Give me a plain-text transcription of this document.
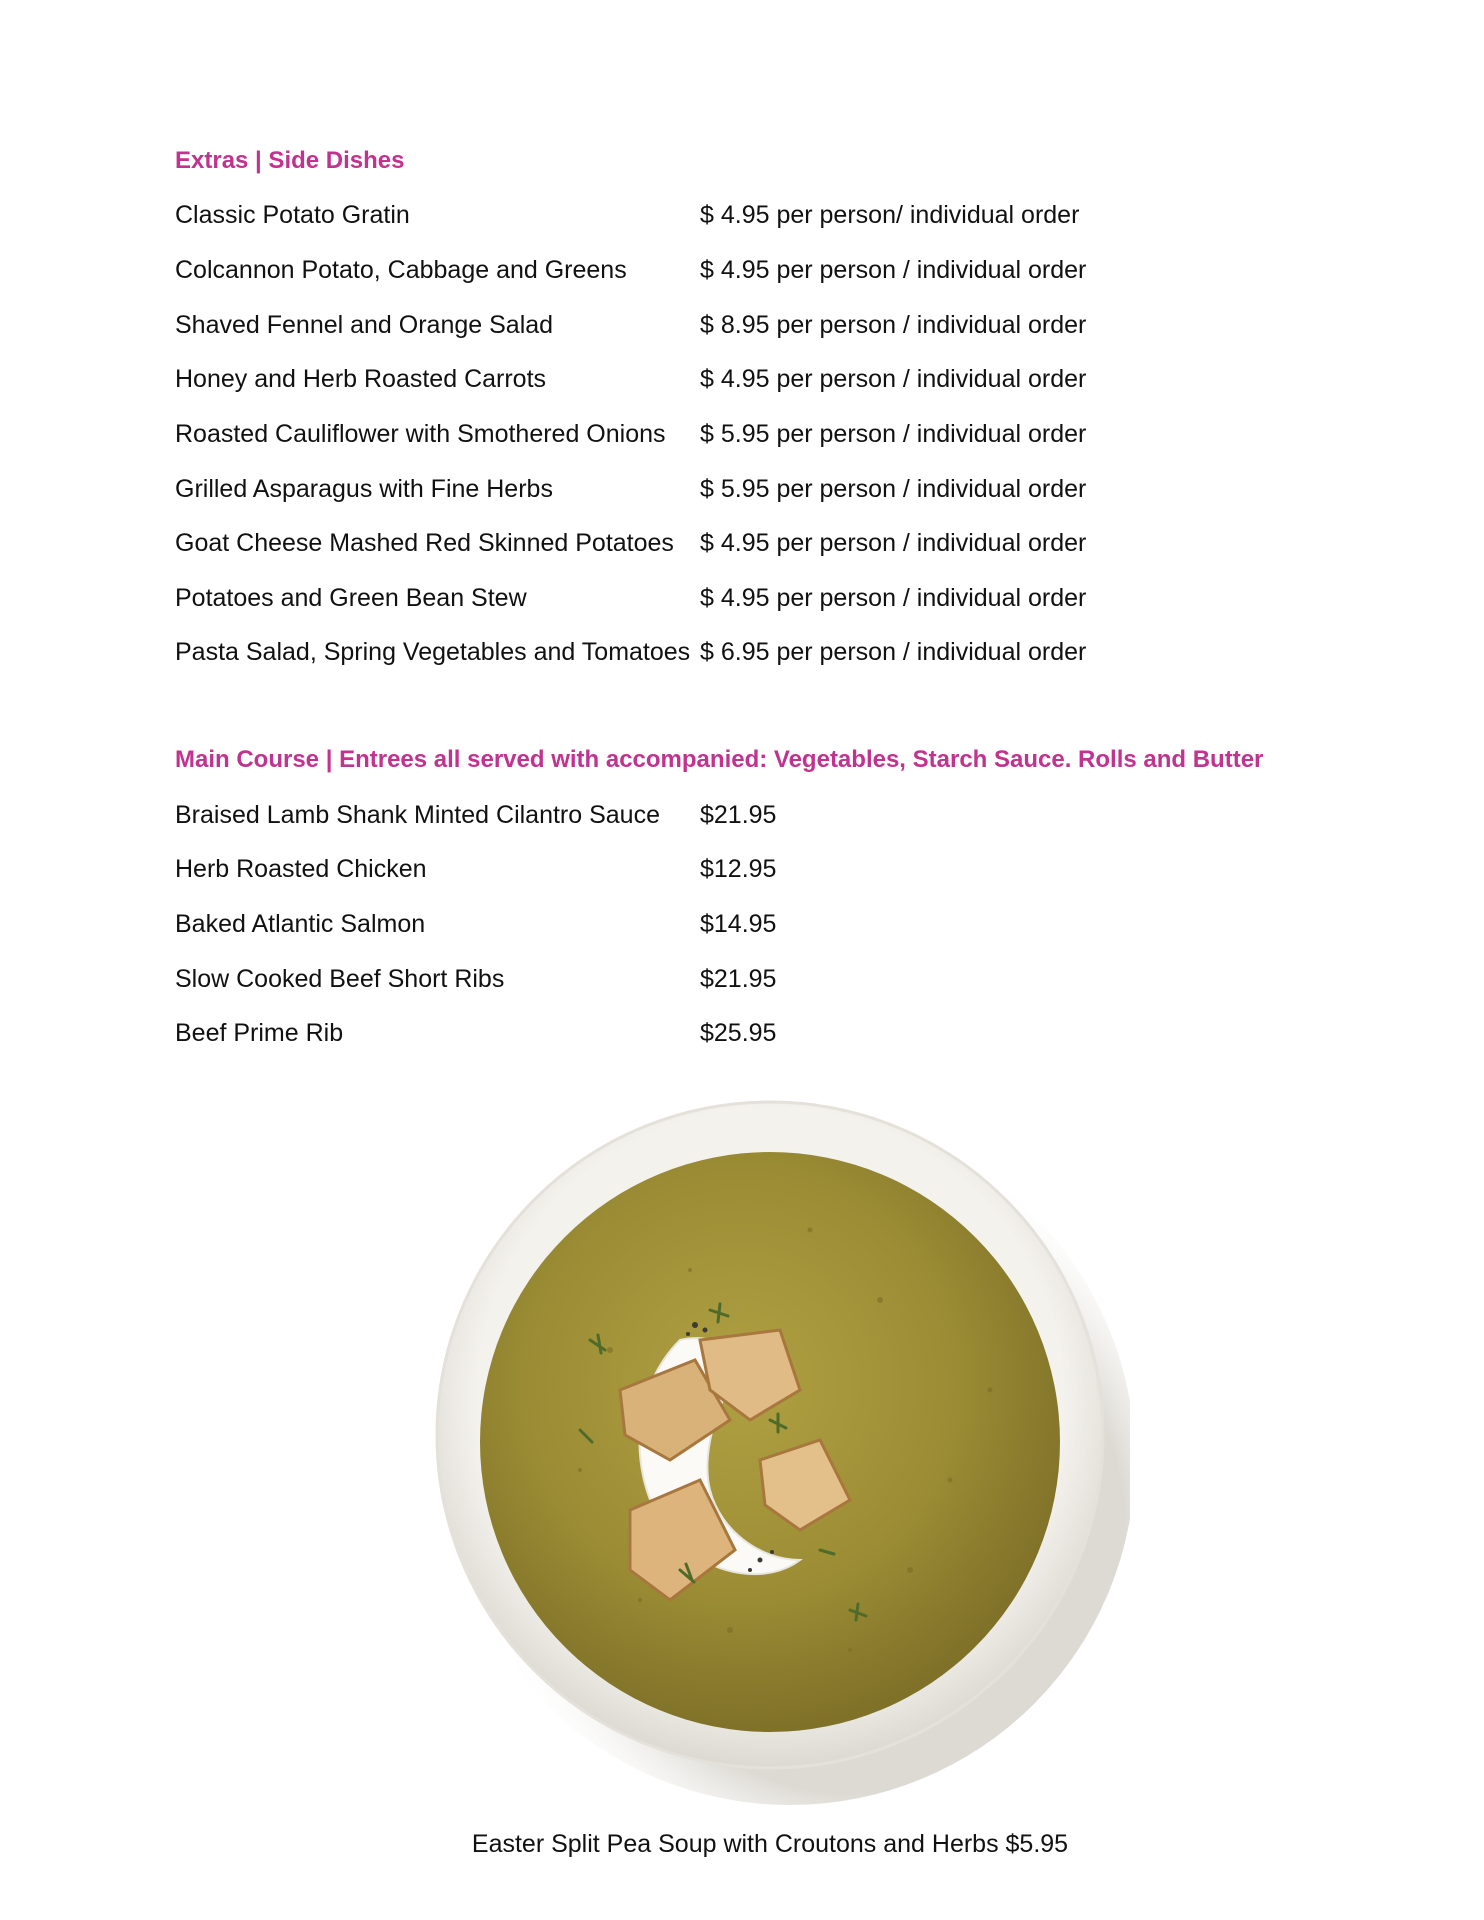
Extras | Side Dishes
Classic Potato Gratin	$ 4.95 per person/ individual order
Colcannon Potato, Cabbage and Greens	$ 4.95 per person / individual order
Shaved Fennel and Orange Salad	$ 8.95 per person / individual order
Honey and Herb Roasted Carrots	$ 4.95 per person / individual order
Roasted Cauliflower with Smothered Onions $ 5.95 per person / individual order
Grilled Asparagus with Fine Herbs	$ 5.95 per person / individual order
Goat Cheese Mashed Red Skinned Potatoes $ 4.95 per person / individual order
Potatoes and Green Bean Stew	$ 4.95 per person / individual order
Pasta Salad, Spring Vegetables and Tomatoes $ 6.95 per person / individual order
Main Course | Entrees all served with accompanied: Vegetables, Starch Sauce. Rolls and Butter
Braised Lamb Shank Minted Cilantro Sauce $21.95
Herb Roasted Chicken	$12.95
Baked Atlantic Salmon	$14.95
Slow Cooked Beef Short Ribs	$21.95
Beef Prime Rib	$25.95
Easter Split Pea Soup with Croutons and Herbs $5.95
